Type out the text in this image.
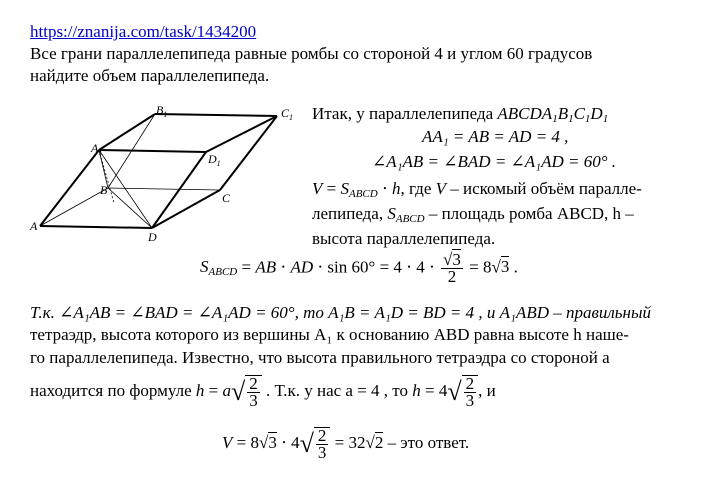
https://znanija.com/task/1434200
Все грани параллелепипеда равные ромбы со стороной 4 и углом 60 градусов
найдите объем параллелепипеда.
A
$A_1$
$B_1$	$C_1$
$D_1$
B
C
D
Итак, у параллелепипеда $ABCDA_1B_1C_1D_1$
AA₁ = AB = AD = 4 ,
∠A₁AB = ∠BAD = ∠A₁AD = 60° .
$V = S_{ABCD} \cdot h$, где V – искомый объём паралле-
лепипеда, $S_{ABCD}$ – площадь ромба ABCD, h –
высота параллелепипеда.
$S_{ABCD}$ = AB ⋅ AD ⋅ $\sin 60^\circ = 4 \cdot 4 \cdot \frac{√3}{2} = 8√3$ .
Т.к. ∠A₁AB = ∠BAD = ∠A₁AD = 60°, то A₁B = A₁D = BD = 4 , и A₁ABD – правильный
тетраэдр, высота которого из вершины A₁ к основанию ABD равна высоте h наше-
го параллелепипеда. Известно, что высота правильного тетраэдра со стороной a
находится по формуле $h = a√ \frac{2}{3}$ . Т.к. у нас a = 4 , то $h = 4√ \frac{2}{3}$ , и
$V = 8√3 \cdot 4√ \frac{2}{3} = 32√2$ – это ответ.
